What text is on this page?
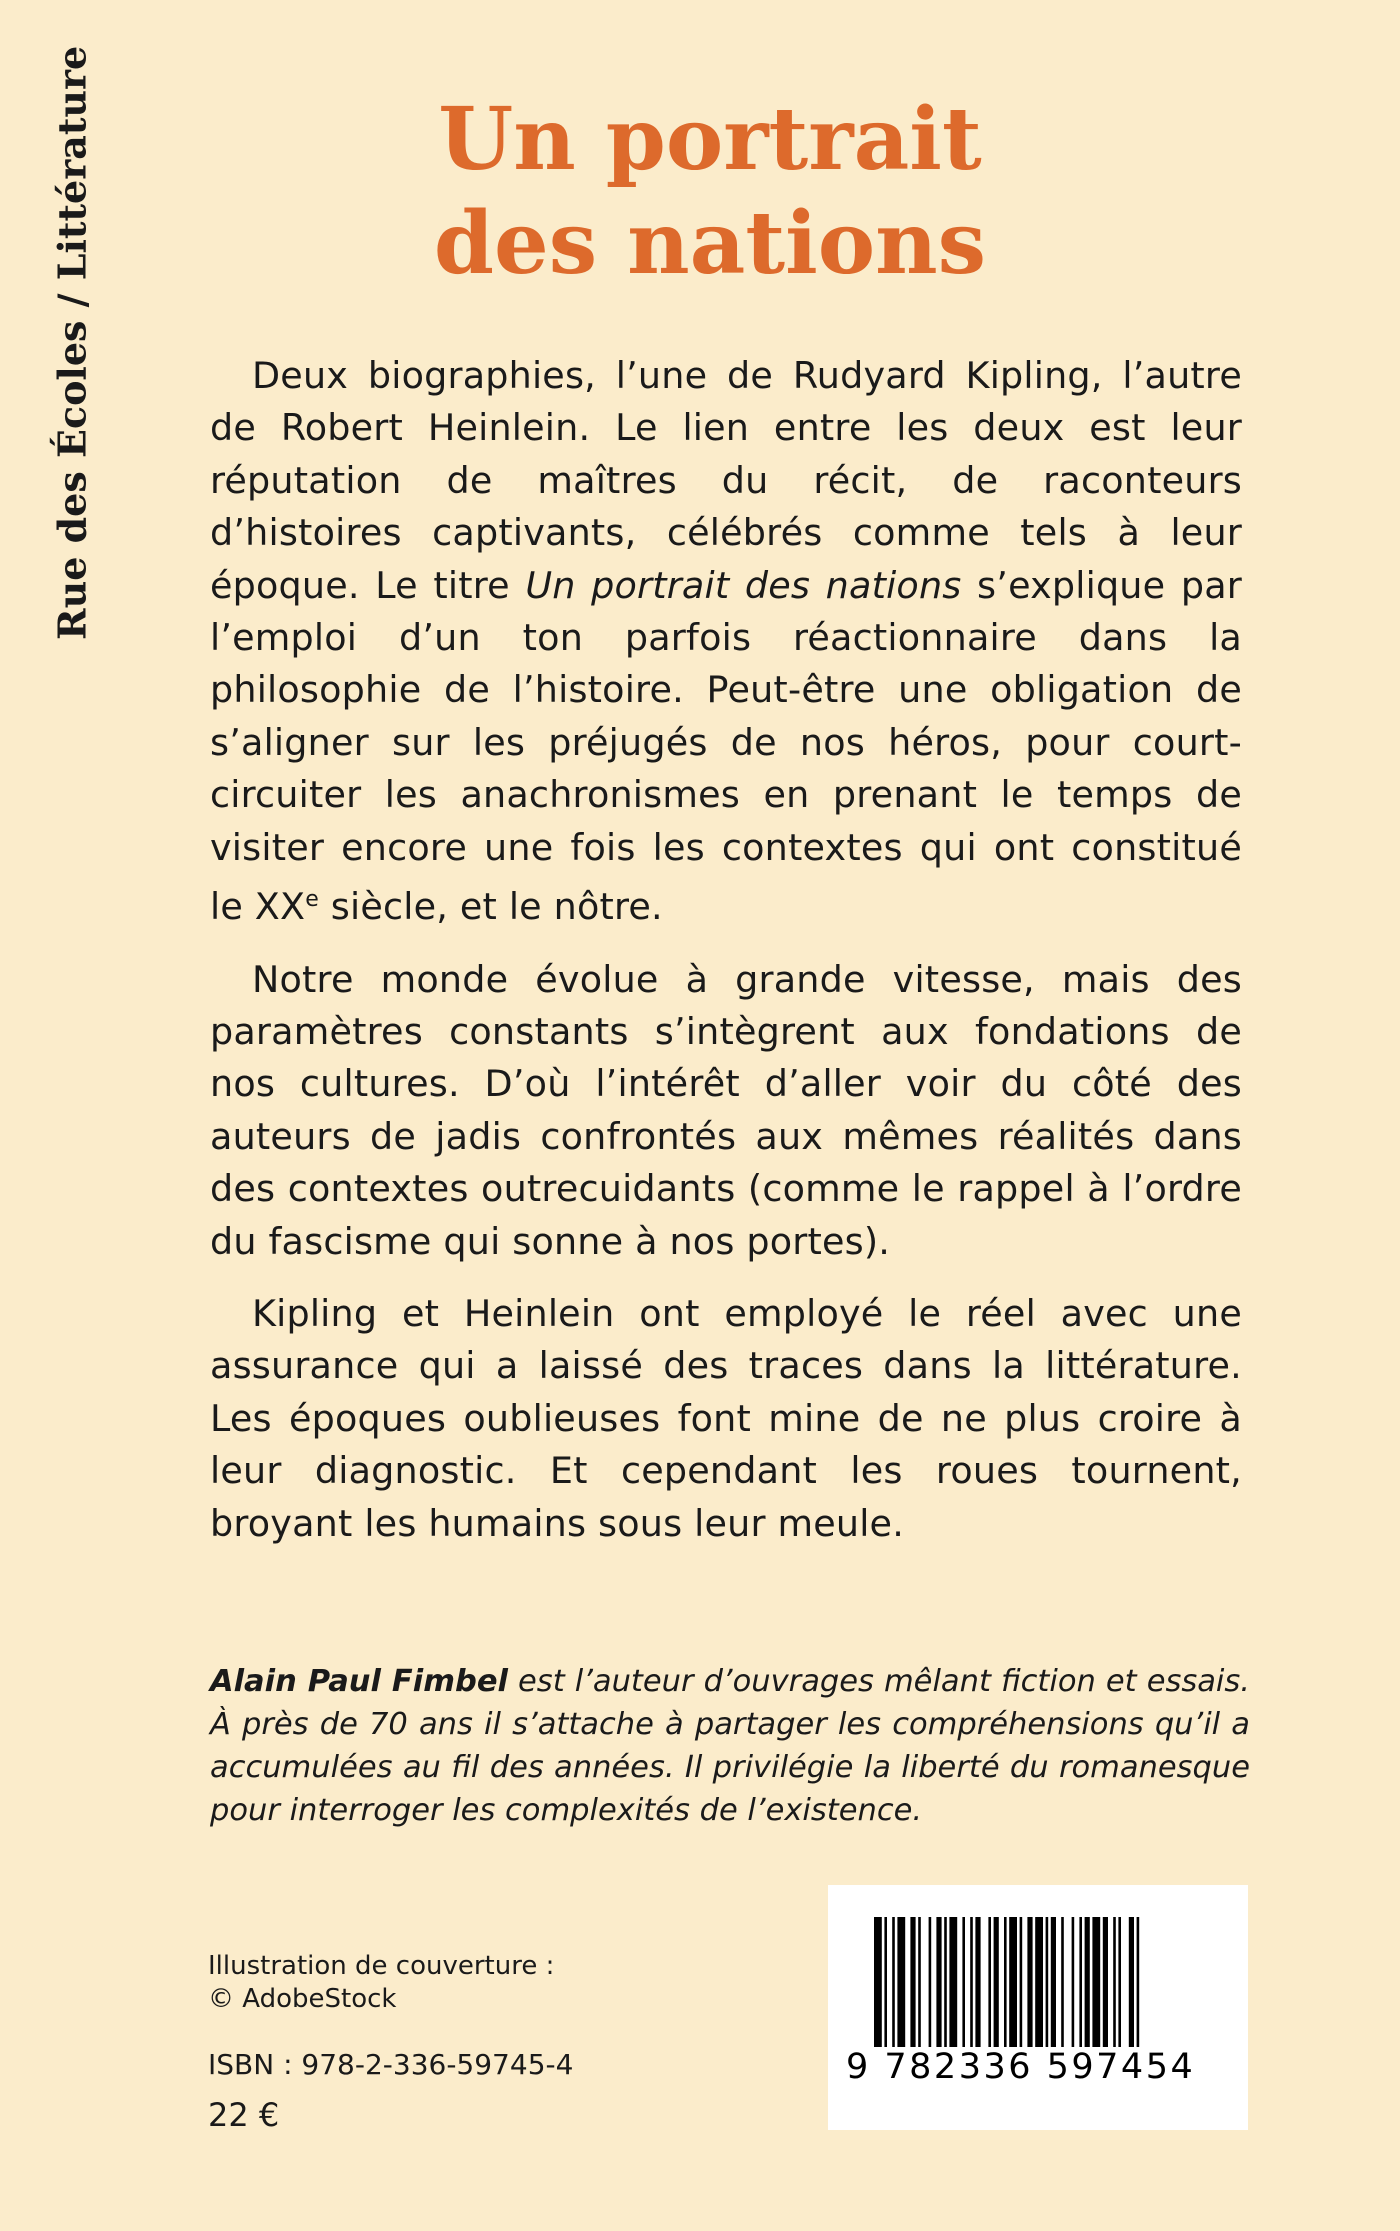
Rue des Écoles / Littérature	Un portrait
des nations

Deux biographies, l’une de Rudyard Kipling, l’autre de Robert Heinlein. Le lien entre les deux est leur réputation de maîtres du récit, de raconteurs d’histoires captivants, célébrés comme tels à leur époque. Le titre Un portrait des nations s’explique par l’emploi d’un ton parfois réactionnaire dans la philosophie de l’histoire. Peut-être une obligation de s’aligner sur les préjugés de nos héros, pour court-circuiter les anachronismes en prenant le temps de visiter encore une fois les contextes qui ont constitué le XXe siècle, et le nôtre.

Notre monde évolue à grande vitesse, mais des paramètres constants s’intègrent aux fondations de nos cultures. D’où l’intérêt d’aller voir du côté des auteurs de jadis confrontés aux mêmes réalités dans des contextes outrecuidants (comme le rappel à l’ordre du fascisme qui sonne à nos portes).

Kipling et Heinlein ont employé le réel avec une assurance qui a laissé des traces dans la littérature. Les époques oublieuses font mine de ne plus croire à leur diagnostic. Et cependant les roues tournent, broyant les humains sous leur meule.

Alain Paul Fimbel est l’auteur d’ouvrages mêlant fiction et essais. À près de 70 ans il s’attache à partager les compréhensions qu’il a accumulées au fil des années. Il privilégie la liberté du romanesque pour interroger les complexités de l’existence.

Illustration de couverture :
© AdobeStock
ISBN : 978-2-336-59745-4
22 €
9 782336 597454
